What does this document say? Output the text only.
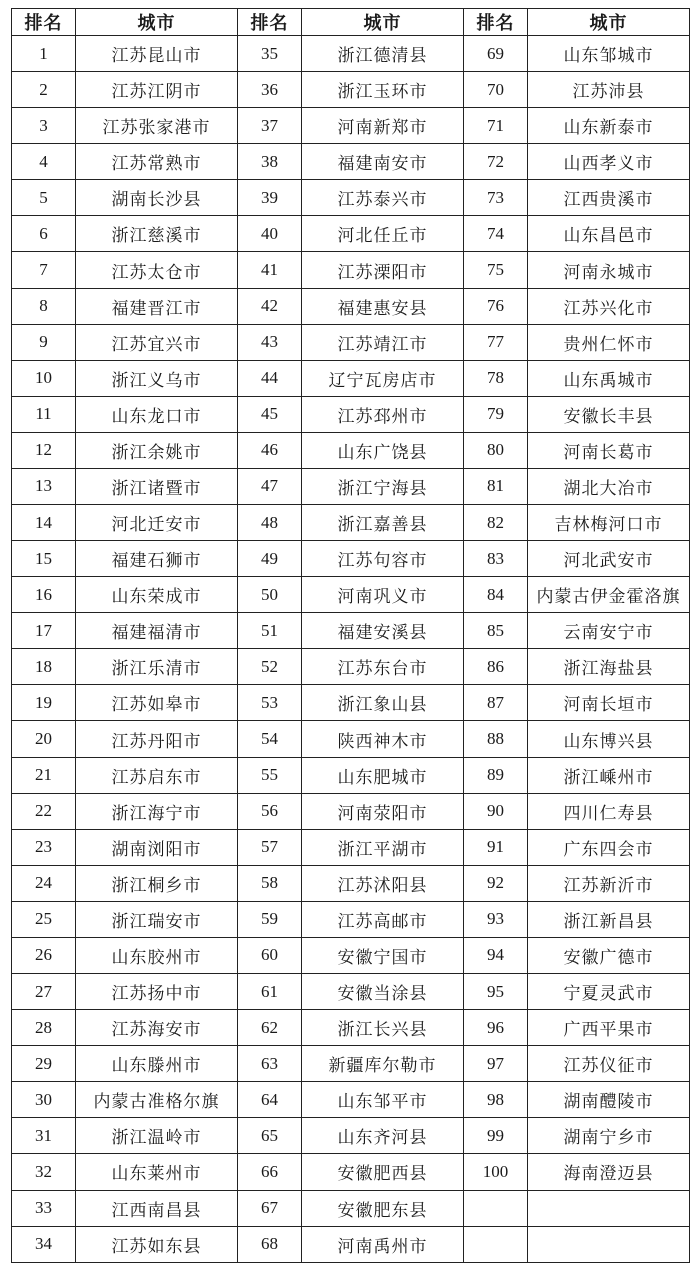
排名	城市	排名	城市	排名	城市
1	江苏昆山市	35	浙江德清县	69	山东邹城市
2	江苏江阴市	36	浙江玉环市	70	江苏沛县
3	江苏张家港市	37	河南新郑市	71	山东新泰市
4	江苏常熟市	38	福建南安市	72	山西孝义市
5	湖南长沙县	39	江苏泰兴市	73	江西贵溪市
6	浙江慈溪市	40	河北任丘市	74	山东昌邑市
7	江苏太仓市	41	江苏溧阳市	75	河南永城市
8	福建晋江市	42	福建惠安县	76	江苏兴化市
9	江苏宜兴市	43	江苏靖江市	77	贵州仁怀市
10	浙江义乌市	44	辽宁瓦房店市	78	山东禹城市
11	山东龙口市	45	江苏邳州市	79	安徽长丰县
12	浙江余姚市	46	山东广饶县	80	河南长葛市
13	浙江诸暨市	47	浙江宁海县	81	湖北大冶市
14	河北迁安市	48	浙江嘉善县	82	吉林梅河口市
15	福建石狮市	49	江苏句容市	83	河北武安市
16	山东荣成市	50	河南巩义市	84	内蒙古伊金霍洛旗
17	福建福清市	51	福建安溪县	85	云南安宁市
18	浙江乐清市	52	江苏东台市	86	浙江海盐县
19	江苏如皋市	53	浙江象山县	87	河南长垣市
20	江苏丹阳市	54	陕西神木市	88	山东博兴县
21	江苏启东市	55	山东肥城市	89	浙江嵊州市
22	浙江海宁市	56	河南荥阳市	90	四川仁寿县
23	湖南浏阳市	57	浙江平湖市	91	广东四会市
24	浙江桐乡市	58	江苏沭阳县	92	江苏新沂市
25	浙江瑞安市	59	江苏高邮市	93	浙江新昌县
26	山东胶州市	60	安徽宁国市	94	安徽广德市
27	江苏扬中市	61	安徽当涂县	95	宁夏灵武市
28	江苏海安市	62	浙江长兴县	96	广西平果市
29	山东滕州市	63	新疆库尔勒市	97	江苏仪征市
30	内蒙古准格尔旗	64	山东邹平市	98	湖南醴陵市
31	浙江温岭市	65	山东齐河县	99	湖南宁乡市
32	山东莱州市	66	安徽肥西县	100	海南澄迈县
33	江西南昌县	67	安徽肥东县		
34	江苏如东县	68	河南禹州市		
